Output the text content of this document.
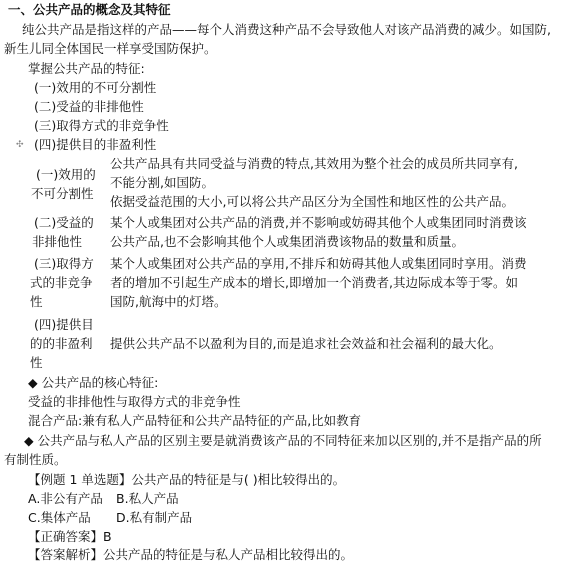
一、公共产品的概念及其特征
纯公共产品是指这样的产品——每个人消费这种产品不会导致他人对该产品消费的减少。如国防,
新生儿同全体国民一样享受国防保护。
掌握公共产品的特征:
(一)效用的不可分割性
(二)受益的非排他性
(三)取得方式的非竞争性
✣ (四)提供目的非盈利性
(一)效用的
不可分割性
公共产品具有共同受益与消费的特点,其效用为整个社会的成员所共同享有,
不能分割,如国防。
依据受益范围的大小,可以将公共产品区分为全国性和地区性的公共产品。
(二)受益的
非排他性
某个人或集团对公共产品的消费,并不影响或妨碍其他个人或集团同时消费该
公共产品,也不会影响其他个人或集团消费该物品的数量和质量。
(三)取得方
式的非竞争
性
某个人或集团对公共产品的享用,不排斥和妨碍其他人或集团同时享用。消费
者的增加不引起生产成本的增长,即增加一个消费者,其边际成本等于零。如
国防,航海中的灯塔。
(四)提供目
的的非盈利
性
提供公共产品不以盈利为目的,而是追求社会效益和社会福利的最大化。
◆ 公共产品的核心特征:
受益的非排他性与取得方式的非竞争性
混合产品:兼有私人产品特征和公共产品特征的产品,比如教育
◆ 公共产品与私人产品的区别主要是就消费该产品的不同特征来加以区别的,并不是指产品的所
有制性质。
【例题 1 单选题】公共产品的特征是与( )相比较得出的。
A.非公有产品 B.私人产品
C.集体产品 D.私有制产品
【正确答案】B
【答案解析】公共产品的特征是与私人产品相比较得出的。
